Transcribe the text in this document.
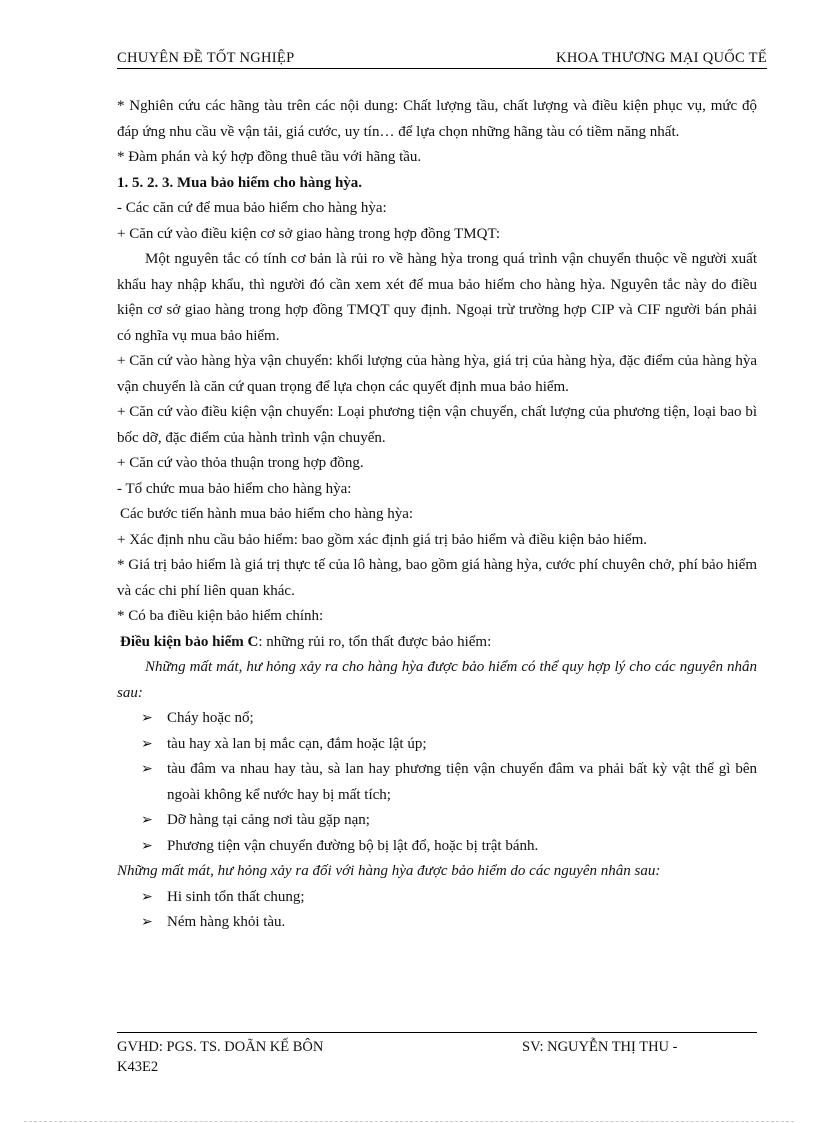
CHUYÊN ĐỀ TỐT NGHIỆP	KHOA THƯƠNG MẠI QUỐC TẾ

* Nghiên cứu các hãng tàu trên các nội dung: Chất lượng tầu, chất lượng và điều kiện phục vụ, mức độ đáp ứng nhu cầu về vận tải, giá cước, uy tín… để lựa chọn những hãng tàu có tiềm năng nhất.

* Đàm phán và ký hợp đồng thuê tầu với hãng tầu.

1. 5. 2. 3. Mua bảo hiểm cho hàng hỳa.

- Các căn cứ để mua bảo hiểm cho hàng hỳa:

+ Căn cứ vào điều kiện cơ sở giao hàng trong hợp đồng TMQT:

Một nguyên tắc có tính cơ bản là rủi ro về hàng hỳa trong quá trình vận chuyển thuộc về người xuất khẩu hay nhập khẩu, thì người đó cần xem xét để mua bảo hiểm cho hàng hỳa. Nguyên tắc này do điều kiện cơ sở giao hàng trong hợp đồng TMQT quy định. Ngoại trừ trường hợp CIP và CIF người bán phải có nghĩa vụ mua bảo hiểm.

+ Căn cứ vào hàng hỳa vận chuyển: khối lượng của hàng hỳa, giá trị của hàng hỳa, đặc điểm của hàng hỳa vận chuyển là căn cứ quan trọng để lựa chọn các quyết định mua bảo hiểm.

+ Căn cứ vào điều kiện vận chuyển: Loại phương tiện vận chuyển, chất lượng của phương tiện, loại bao bì bốc dỡ, đặc điểm của hành trình vận chuyển.

+ Căn cứ vào thỏa thuận trong hợp đồng.

- Tổ chức mua bảo hiểm cho hàng hỳa:

Các bước tiến hành mua bảo hiểm cho hàng hỳa:

+ Xác định nhu cầu bảo hiểm: bao gồm xác định giá trị bảo hiểm và điều kiện bảo hiểm.

* Giá trị bảo hiểm là giá trị thực tế của lô hàng, bao gồm giá hàng hỳa, cước phí chuyên chở, phí bảo hiểm và các chi phí liên quan khác.

* Có ba điều kiện bảo hiểm chính:

Điều kiện bảo hiểm C: những rủi ro, tổn thất được bảo hiểm:

Những mất mát, hư hỏng xảy ra cho hàng hỳa được bảo hiểm có thể quy hợp lý cho các nguyên nhân sau:

➢ Cháy hoặc nổ;
➢ tàu hay xà lan bị mắc cạn, đắm hoặc lật úp;
➢ tàu đâm va nhau hay tàu, sà lan hay phương tiện vận chuyển đâm va phải bất kỳ vật thể gì bên ngoài không kể nước hay bị mất tích;
➢ Dỡ hàng tại cảng nơi tàu gặp nạn;
➢ Phương tiện vận chuyển đường bộ bị lật đổ, hoặc bị trật bánh.

Những mất mát, hư hỏng xảy ra đối với hàng hỳa được bảo hiểm do các nguyên nhân sau:

➢ Hi sinh tổn thất chung;
➢ Ném hàng khỏi tàu.
GVHD: PGS. TS. DOÃN KẾ BÔN	SV: NGUYỄN THỊ THU -
K43E2
